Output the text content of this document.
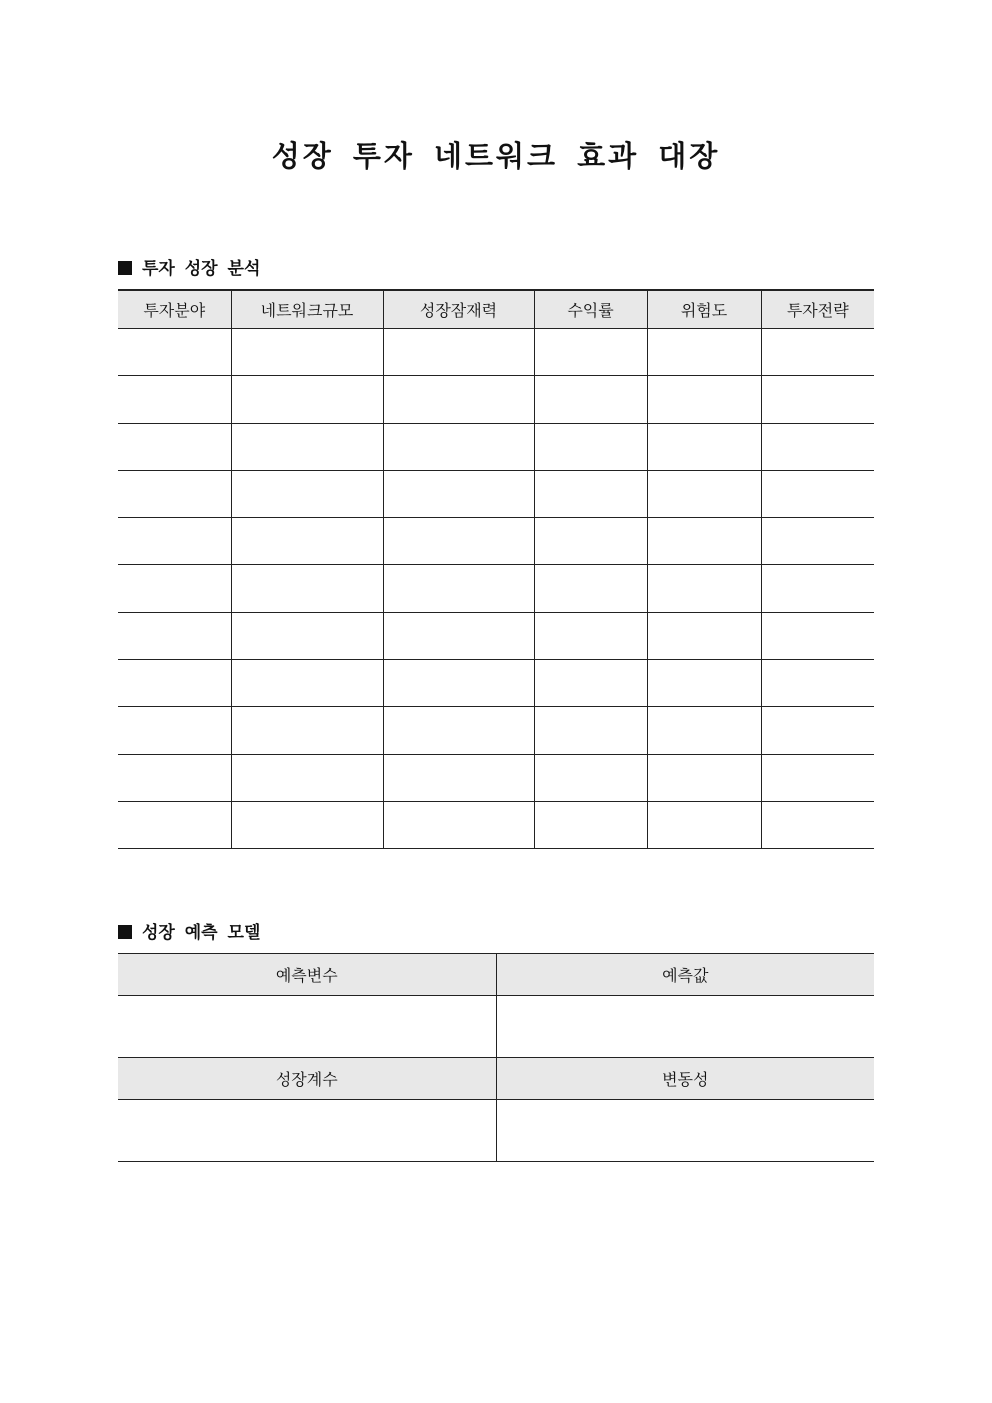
성장 투자 네트워크 효과 대장
투자 성장 분석
투자분야	네트워크규모	성장잠재력	수익률	위험도	투자전략

성장 예측 모델
예측변수	예측값

성장계수	변동성
